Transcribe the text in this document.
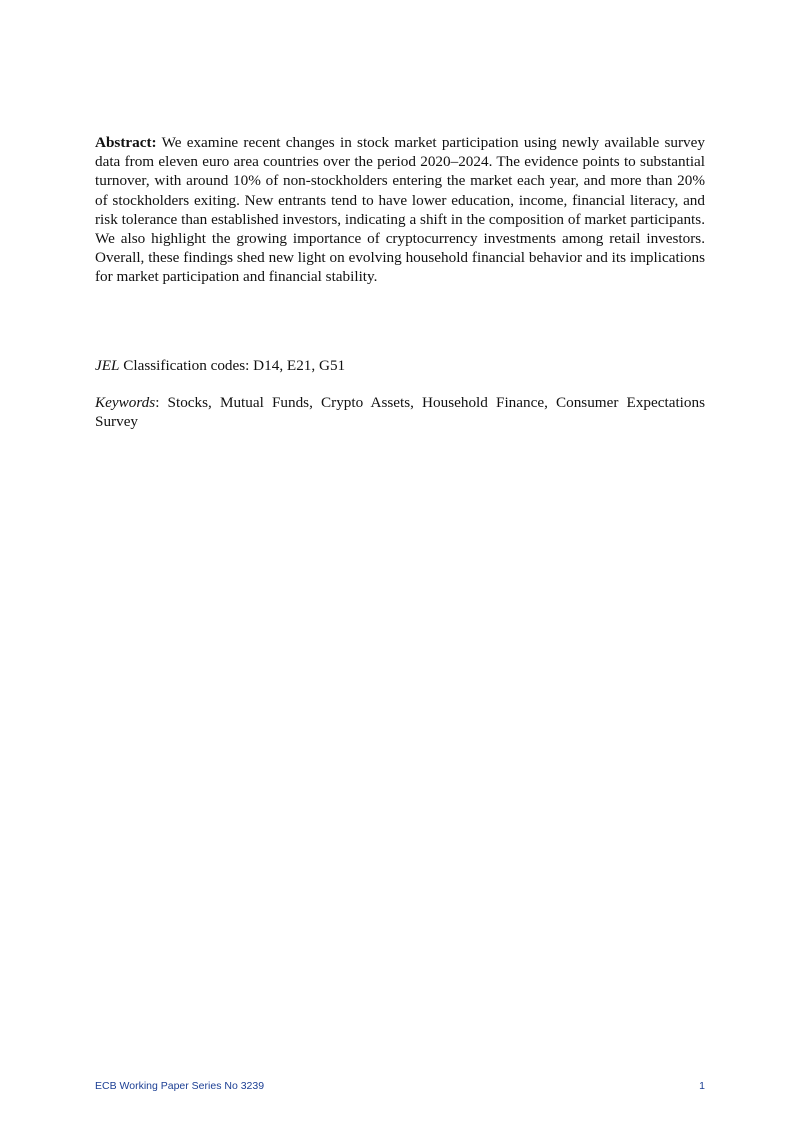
Abstract: We examine recent changes in stock market participation using newly available survey data from eleven euro area countries over the period 2020–2024. The evidence points to substantial turnover, with around 10% of non-stockholders entering the market each year, and more than 20% of stockholders exiting. New entrants tend to have lower education, income, financial literacy, and risk tolerance than established investors, indicating a shift in the composition of market participants. We also highlight the growing importance of cryptocurrency investments among retail investors. Overall, these findings shed new light on evolving household financial behavior and its implications for market participation and financial stability.

JEL Classification codes: D14, E21, G51

Keywords: Stocks, Mutual Funds, Crypto Assets, Household Finance, Consumer Expectations Survey

ECB Working Paper Series No 3239	1
